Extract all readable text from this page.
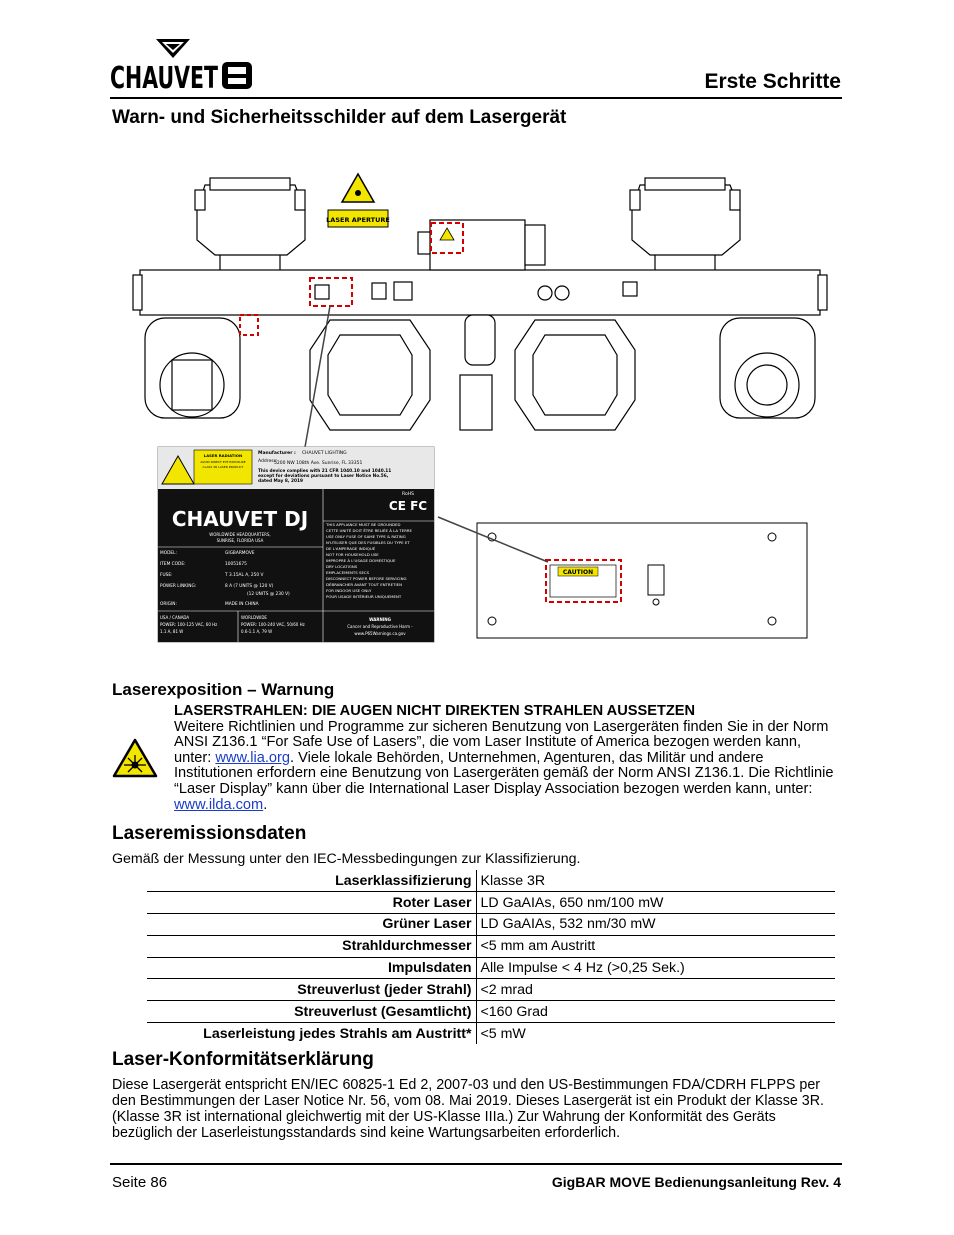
CHAUVET	Erste Schritte
Warn- und Sicherheitsschilder auf dem Lasergerät
LASER APERTURE
LASER RADIATION
AVOID DIRECT EYE EXPOSURE
CLASS 3R LASER PRODUCT
Manufacturer : CHAUVET LIGHTING
Address:
5200 NW 108th Ave. Sunrise, FL 33351
This device complies with 21 CFR 1040.10 and 1040.11
except for deviations pursuant to Laser Notice No.56,
dated May 8, 2019
CHAUVET DJ
WORLDWIDE HEADQUARTERS,
SUNRISE, FLORIDA USA
RoHS
CE FC
MODEL:	GIGBARMOVE
ITEM CODE:	10051675
FUSE:	T 3.15AL A, 250 V
POWER LINKING:	8 A (7 UNITS @ 120 V)
(12 UNITS @ 230 V)
ORIGIN:	MADE IN CHINA
THIS APPLIANCE MUST BE GROUNDED
CETTE UNITÉ DOIT ÊTRE RELIÉE À LA TERRE
USE ONLY FUSE OF SAME TYPE & RATING
N'UTILISER QUE DES FUSIBLES DU TYPE ET
DE L'AMPERAGE INDIQUÉ
NOT FOR HOUSEHOLD USE
IMPROPRE À L'USAGE DOMESTIQUE
DRY LOCATIONS
EMPLACEMENTS SECS
DISCONNECT POWER BEFORE SERVICING
DÉBRANCHER AVANT TOUT ENTRETIEN
FOR INDOOR USE ONLY
POUR USAGE INTÉRIEUR UNIQUEMENT
USA / CANADA
POWER: 100-125 VAC, 60 Hz
1.1 A, 81 W
WORLDWIDE
POWER: 100-240 VAC, 50/60 Hz
0.6-1.1 A, 79 W
WARNING
Cancer and Reproductive Harm -
www.P65Warnings.ca.gov
CAUTION
Laserexposition – Warnung
LASERSTRAHLEN: DIE AUGEN NICHT DIREKTEN STRAHLEN AUSSETZEN
Weitere Richtlinien und Programme zur sicheren Benutzung von Lasergeräten finden Sie in der Norm ANSI Z136.1 “For Safe Use of Lasers”, die vom Laser Institute of America bezogen werden kann, unter: www.lia.org. Viele lokale Behörden, Unternehmen, Agenturen, das Militär und andere Institutionen erfordern eine Benutzung von Lasergeräten gemäß der Norm ANSI Z136.1. Die Richtlinie “Laser Display” kann über die International Laser Display Association bezogen werden kann, unter: www.ilda.com.
Laseremissionsdaten
Gemäß der Messung unter den IEC-Messbedingungen zur Klassifizierung.
Laserklassifizierung	Klasse 3R
Roter Laser	LD GaAIAs, 650 nm/100 mW
Grüner Laser	LD GaAIAs, 532 nm/30 mW
Strahldurchmesser	<5 mm am Austritt
Impulsdaten	Alle Impulse < 4 Hz (>0,25 Sek.)
Streuverlust (jeder Strahl)	<2 mrad
Streuverlust (Gesamtlicht)	<160 Grad
Laserleistung jedes Strahls am Austritt*	<5 mW
Laser-Konformitätserklärung
Diese Lasergerät entspricht EN/IEC 60825-1 Ed 2, 2007-03 und den US-Bestimmungen FDA/CDRH FLPPS per den Bestimmungen der Laser Notice Nr. 56, vom 08. Mai 2019. Dieses Lasergerät ist ein Produkt der Klasse 3R. (Klasse 3R ist international gleichwertig mit der US-Klasse IIIa.) Zur Wahrung der Konformität des Geräts bezüglich der Laserleistungsstandards sind keine Wartungsarbeiten erforderlich.
Seite 86	GigBAR MOVE Bedienungsanleitung Rev. 4
